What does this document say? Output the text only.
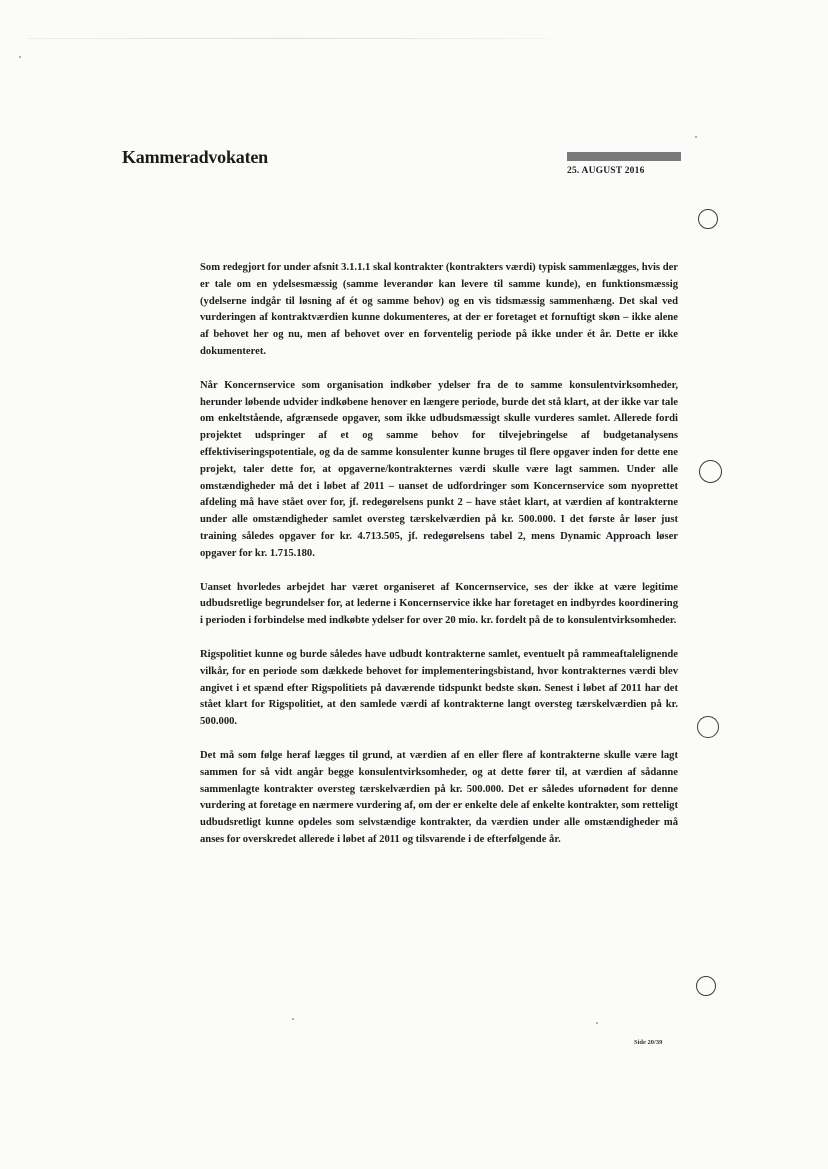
Kammeradvokaten
25. AUGUST 2016

Som redegjort for under afsnit 3.1.1.1 skal kontrakter (kontrakters værdi) typisk sammenlægges, hvis der er tale om en ydelsesmæssig (samme leverandør kan levere til samme kunde), en funktionsmæssig (ydelserne indgår til løsning af ét og samme behov) og en vis tidsmæssig sammenhæng. Det skal ved vurderingen af kontraktværdien kunne dokumenteres, at der er foretaget et fornuftigt skøn – ikke alene af behovet her og nu, men af behovet over en forventelig periode på ikke under ét år. Dette er ikke dokumenteret.

Når Koncernservice som organisation indkøber ydelser fra de to samme konsulentvirksomheder, herunder løbende udvider indkøbene henover en længere periode, burde det stå klart, at der ikke var tale om enkeltstående, afgrænsede opgaver, som ikke udbudsmæssigt skulle vurderes samlet. Allerede fordi projektet udspringer af et og samme behov for tilvejebringelse af budgetanalysens effektiviseringspotentiale, og da de samme konsulenter kunne bruges til flere opgaver inden for dette ene projekt, taler dette for, at opgaverne/kontrakternes værdi skulle være lagt sammen. Under alle omstændigheder må det i løbet af 2011 – uanset de udfordringer som Koncernservice som nyoprettet afdeling må have stået over for, jf. redegørelsens punkt 2 – have stået klart, at værdien af kontrakterne under alle omstændigheder samlet oversteg tærskelværdien på kr. 500.000. I det første år løser just training således opgaver for kr. 4.713.505, jf. redegørelsens tabel 2, mens Dynamic Approach løser opgaver for kr. 1.715.180.

Uanset hvorledes arbejdet har været organiseret af Koncernservice, ses der ikke at være legitime udbudsretlige begrundelser for, at lederne i Koncernservice ikke har foretaget en indbyrdes koordinering i perioden i forbindelse med indkøbte ydelser for over 20 mio. kr. fordelt på de to konsulentvirksomheder.

Rigspolitiet kunne og burde således have udbudt kontrakterne samlet, eventuelt på rammeaftalelignende vilkår, for en periode som dækkede behovet for implementeringsbistand, hvor kontrakternes værdi blev angivet i et spænd efter Rigspolitiets på daværende tidspunkt bedste skøn. Senest i løbet af 2011 har det stået klart for Rigspolitiet, at den samlede værdi af kontrakterne langt oversteg tærskelværdien på kr. 500.000.

Det må som følge heraf lægges til grund, at værdien af en eller flere af kontrakterne skulle være lagt sammen for så vidt angår begge konsulentvirksomheder, og at dette fører til, at værdien af sådanne sammenlagte kontrakter oversteg tærskelværdien på kr. 500.000. Det er således ufornødent for denne vurdering at foretage en nærmere vurdering af, om der er enkelte dele af enkelte kontrakter, som retteligt udbudsretligt kunne opdeles som selvstændige kontrakter, da værdien under alle omstændigheder må anses for overskredet allerede i løbet af 2011 og tilsvarende i de efterfølgende år.

Side 20/39
